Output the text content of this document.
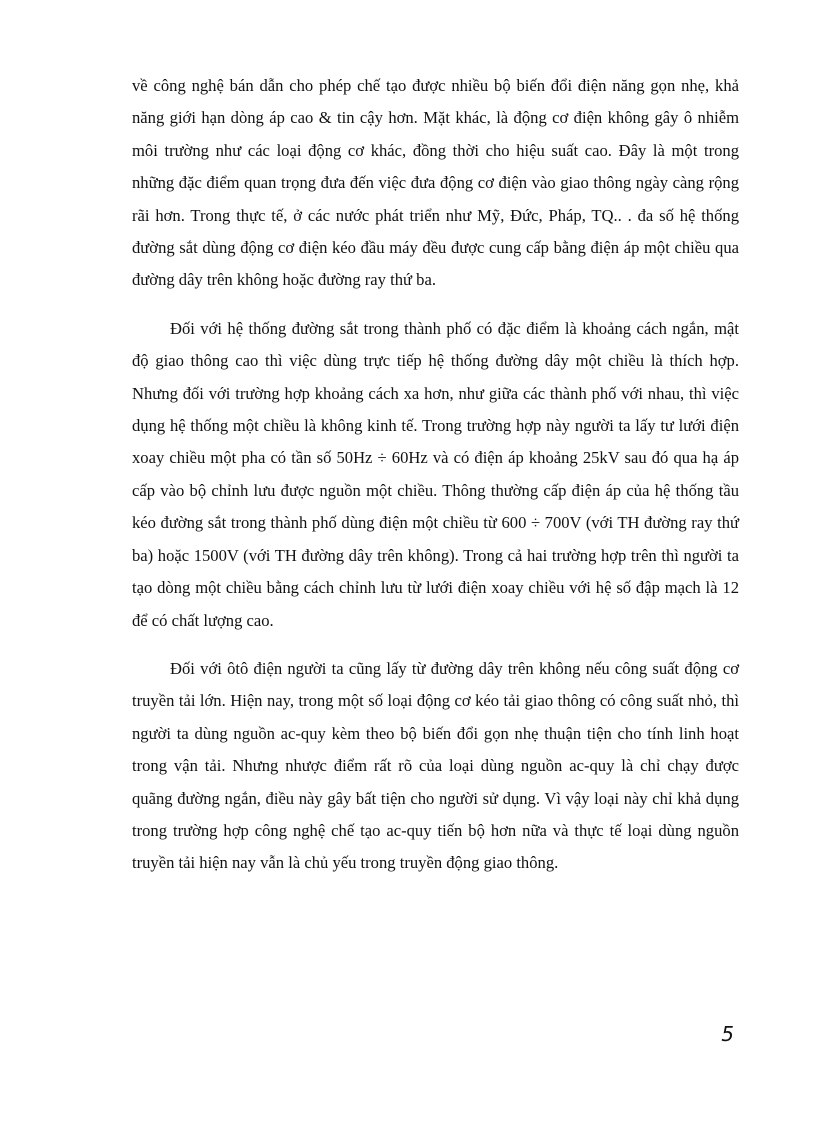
về công nghệ bán dẫn cho phép chế tạo được nhiều bộ biến đổi điện năng gọn nhẹ, khả năng giới hạn dòng áp cao & tin cậy hơn. Mặt khác, là động cơ điện không gây ô nhiễm môi trường như các loại động cơ khác, đồng thời cho hiệu suất cao. Đây là một trong những đặc điểm quan trọng đưa đến việc đưa động cơ điện vào giao thông ngày càng rộng rãi hơn. Trong thực tế, ở các nước phát triển như Mỹ, Đức, Pháp, TQ.. . đa số hệ thống đường sắt dùng động cơ điện kéo đầu máy đều được cung cấp bằng điện áp một chiều qua đường dây trên không hoặc đường ray thứ ba.

Đối với hệ thống đường sắt trong thành phố có đặc điểm là khoảng cách ngắn, mật độ giao thông cao thì việc dùng trực tiếp hệ thống đường dây một chiều là thích hợp. Nhưng đối với trường hợp khoảng cách xa hơn, như giữa các thành phố với nhau, thì việc dụng hệ thống một chiều là không kinh tế. Trong trường hợp này người ta lấy tư lưới điện xoay chiều một pha có tần số 50Hz ÷ 60Hz và có điện áp khoảng 25kV sau đó qua hạ áp cấp vào bộ chỉnh lưu được nguồn một chiều. Thông thường cấp điện áp của hệ thống tầu kéo đường sắt trong thành phố dùng điện một chiều từ 600 ÷ 700V (với TH đường ray thứ ba) hoặc 1500V (với TH đường dây trên không). Trong cả hai trường hợp trên thì người ta tạo dòng một chiều bằng cách chỉnh lưu từ lưới điện xoay chiều với hệ số đập mạch là 12 để có chất lượng cao.

Đối với ôtô điện người ta cũng lấy từ đường dây trên không nếu công suất động cơ truyền tải lớn. Hiện nay, trong một số loại động cơ kéo tải giao thông có công suất nhỏ, thì người ta dùng nguồn ac-quy kèm theo bộ biến đổi gọn nhẹ thuận tiện cho tính linh hoạt trong vận tải. Nhưng nhược điểm rất rõ của loại dùng nguồn ac-quy là chỉ chạy được quãng đường ngắn, điều này gây bất tiện cho người sử dụng. Vì vậy loại này chỉ khả dụng trong trường hợp công nghệ chế tạo ac-quy tiến bộ hơn nữa và thực tế loại dùng nguồn truyền tải hiện nay vẫn là chủ yếu trong truyền động giao thông.

5
